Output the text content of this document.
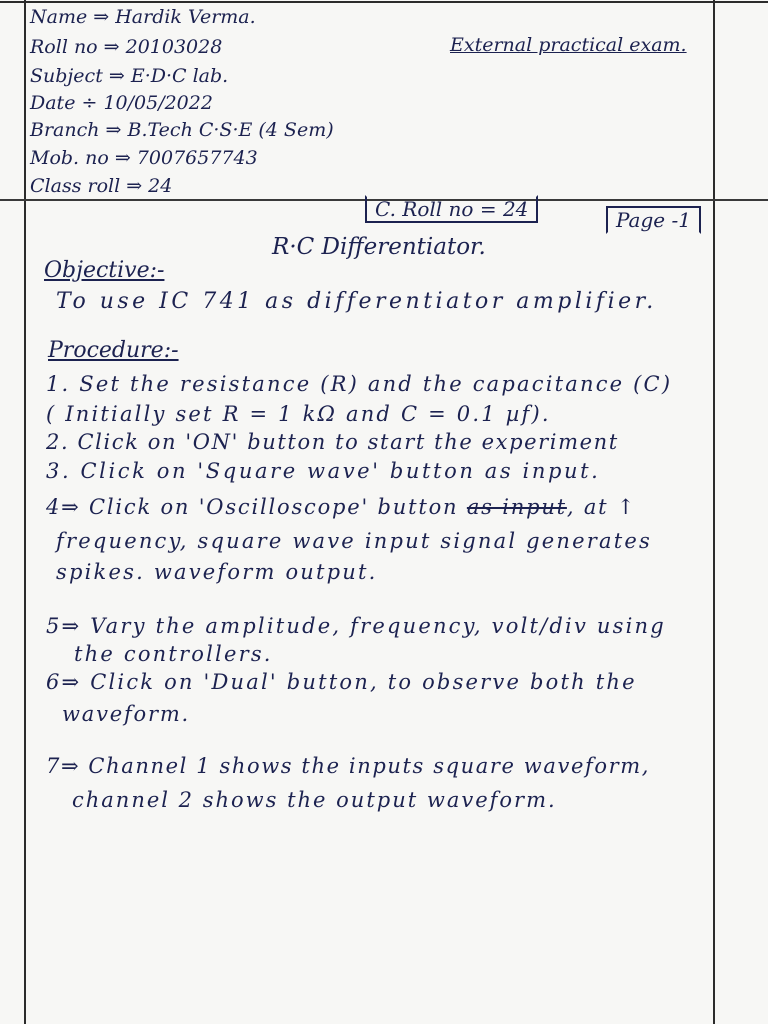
Name ⇒ Hardik Verma.
Roll no ⇒ 20103028
Subject ⇒ E·D·C lab.
Date ÷ 10/05/2022
Branch ⇒ B.Tech C·S·E (4 Sem)
Mob. no ⇒ 7007657743
Class roll ⇒ 24
External practical exam.
C. Roll no = 24	Page -1
R·C Differentiator.
Objective:-
To use IC 741 as differentiator amplifier.
Procedure:-
1. Set the resistance (R) and the capacitance (C)
( Initially set R = 1 kΩ and C = 0.1 µf).
2. Click on 'ON' button to start the experiment
3. Click on 'Square wave' button as input.
4⇒ Click on 'Oscilloscope' button as input, at ↑
frequency, square wave input signal generates
spikes. waveform output.
5⇒ Vary the amplitude, frequency, volt/div using
the controllers.
6⇒ Click on 'Dual' button, to observe both the
waveform.
7⇒ Channel 1 shows the inputs square waveform,
channel 2 shows the output waveform.
